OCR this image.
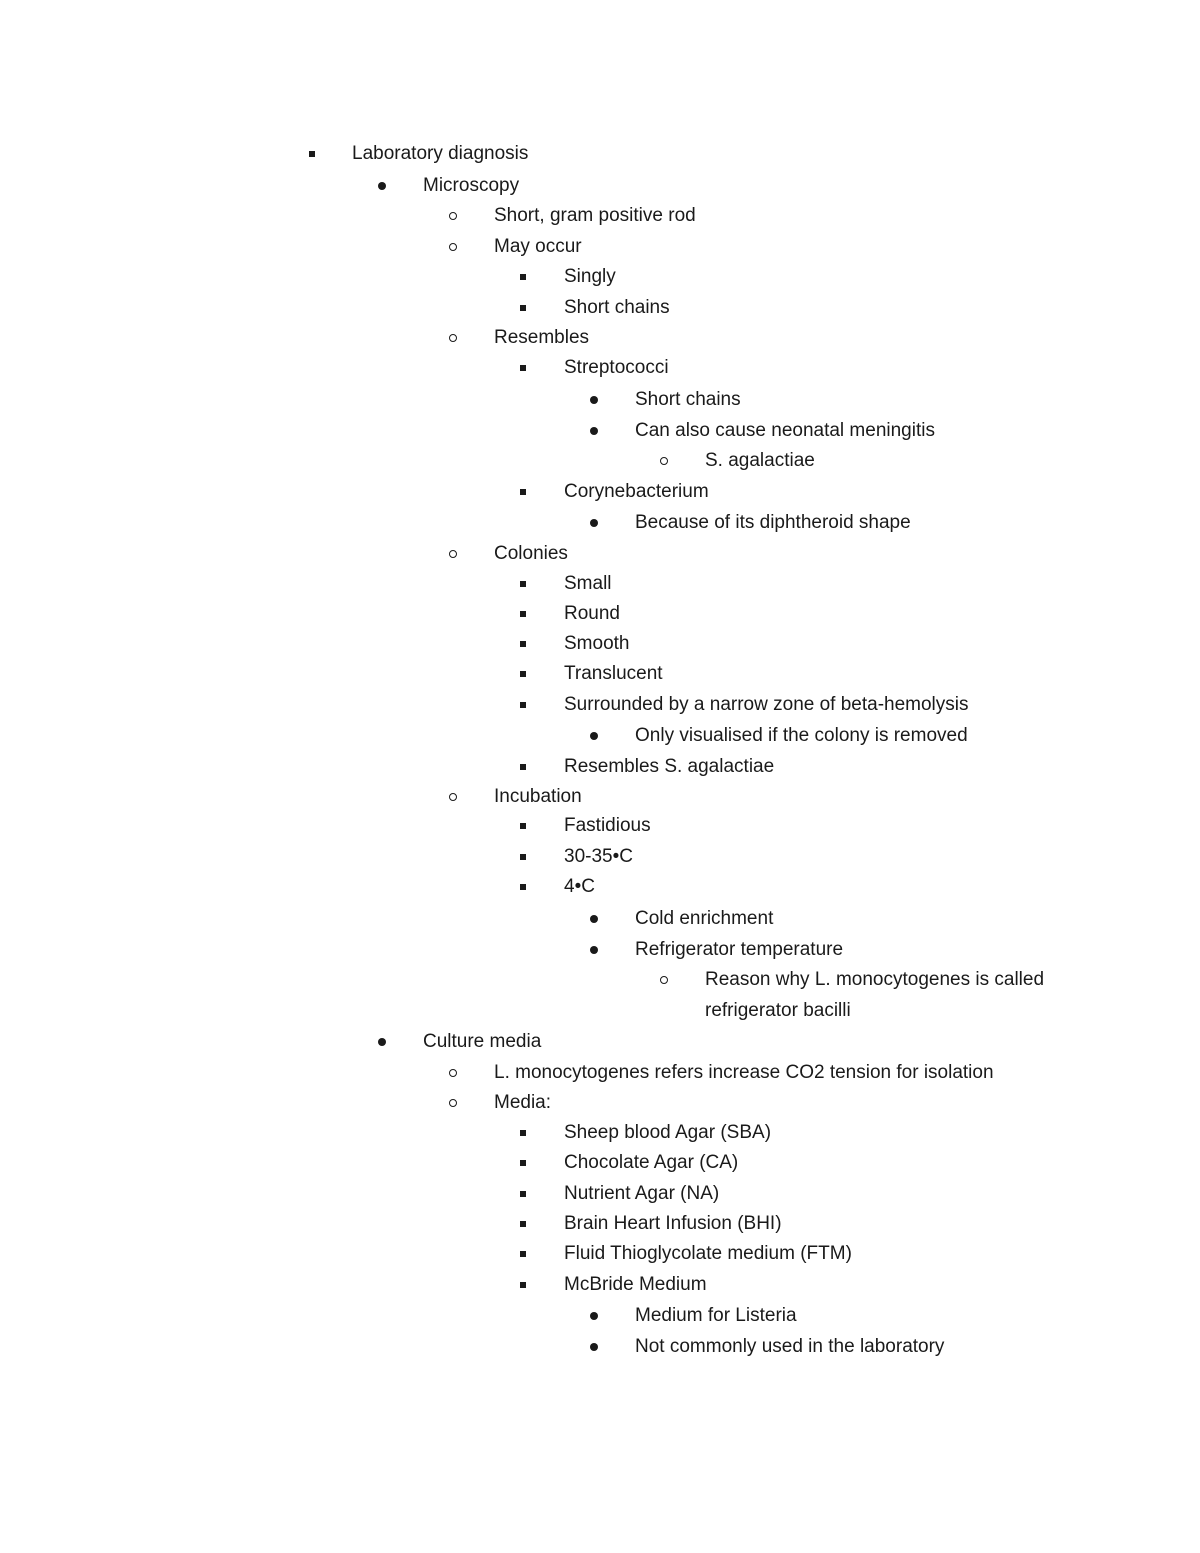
Laboratory diagnosis
Microscopy
Short, gram positive rod
May occur
Singly
Short chains
Resembles
Streptococci
Short chains
Can also cause neonatal meningitis
S. agalactiae
Corynebacterium
Because of its diphtheroid shape
Colonies
Small
Round
Smooth
Translucent
Surrounded by a narrow zone of beta-hemolysis
Only visualised if the colony is removed
Resembles S. agalactiae
Incubation
Fastidious
30-35•C
4•C
Cold enrichment
Refrigerator temperature
Reason why L. monocytogenes is called
refrigerator bacilli
Culture media
L. monocytogenes refers increase CO2 tension for isolation
Media:
Sheep blood Agar (SBA)
Chocolate Agar (CA)
Nutrient Agar (NA)
Brain Heart Infusion (BHI)
Fluid Thioglycolate medium (FTM)
McBride Medium
Medium for Listeria
Not commonly used in the laboratory
